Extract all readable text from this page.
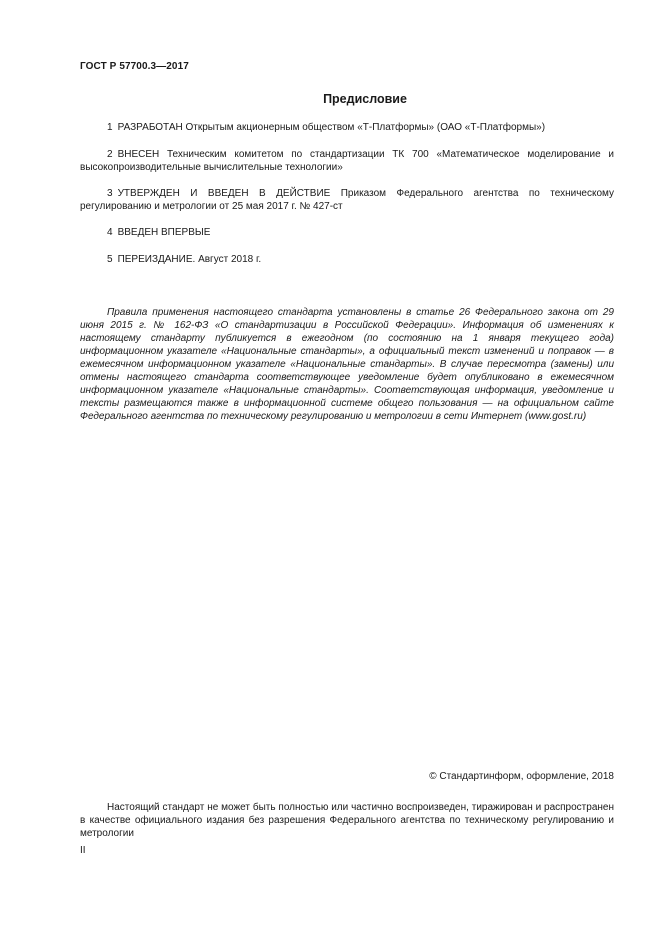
ГОСТ Р 57700.3—2017
Предисловие

1 РАЗРАБОТАН Открытым акционерным обществом «Т-Платформы» (ОАО «Т-Платформы»)

2 ВНЕСЕН Техническим комитетом по стандартизации ТК 700 «Математическое моделирование и высокопроизводительные вычислительные технологии»

3 УТВЕРЖДЕН И ВВЕДЕН В ДЕЙСТВИЕ Приказом Федерального агентства по техническому регулированию и метрологии от 25 мая 2017 г. № 427-ст

4 ВВЕДЕН ВПЕРВЫЕ

5 ПЕРЕИЗДАНИЕ. Август 2018 г.

Правила применения настоящего стандарта установлены в статье 26 Федерального закона от 29 июня 2015 г. № 162-ФЗ «О стандартизации в Российской Федерации». Информация об изменениях к настоящему стандарту публикуется в ежегодном (по состоянию на 1 января текущего года) информационном указателе «Национальные стандарты», а официальный текст изменений и поправок — в ежемесячном информационном указателе «Национальные стандарты». В случае пересмотра (замены) или отмены настоящего стандарта соответствующее уведомление будет опубликовано в ежемесячном информационном указателе «Национальные стандарты». Соответствующая информация, уведомление и тексты размещаются также в информационной системе общего пользования — на официальном сайте Федерального агентства по техническому регулированию и метрологии в сети Интернет (www.gost.ru)

© Стандартинформ, оформление, 2018

Настоящий стандарт не может быть полностью или частично воспроизведен, тиражирован и распространен в качестве официального издания без разрешения Федерального агентства по техническому регулированию и метрологии

II
